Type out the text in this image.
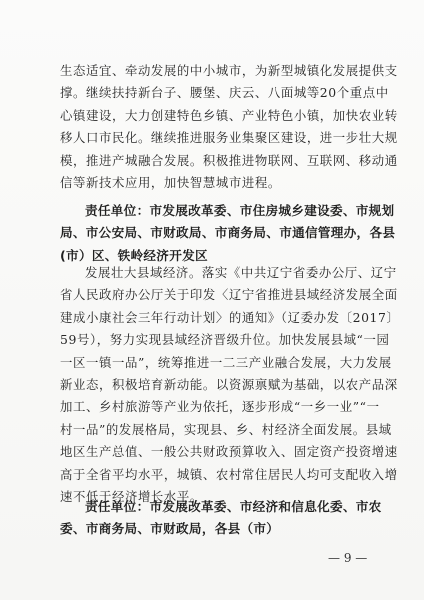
生态适宜、牵动发展的中小城市，为新型城镇化发展提供支
撑。继续扶持新台子、腰堡、庆云、八面城等20个重点中
心镇建设，大力创建特色乡镇、产业特色小镇，加快农业转
移人口市民化。继续推进服务业集聚区建设，进一步壮大规
模，推进产城融合发展。积极推进物联网、互联网、移动通
信等新技术应用，加快智慧城市进程。
责任单位：市发展改革委、市住房城乡建设委、市规划
局、市公安局、市财政局、市商务局、市通信管理办，各县
(市）区、铁岭经济开发区
发展壮大县域经济。落实《中共辽宁省委办公厅、辽宁
省人民政府办公厅关于印发〈辽宁省推进县域经济发展全面
建成小康社会三年行动计划〉的通知》（辽委办发〔2017〕
59号），努力实现县域经济晋级升位。加快发展县域“一园
一区一镇一品”，统筹推进一二三产业融合发展，大力发展
新业态，积极培育新动能。以资源禀赋为基础，以农产品深
加工、乡村旅游等产业为依托，逐步形成“一乡一业”“一
村一品”的发展格局，实现县、乡、村经济全面发展。县域
地区生产总值、一般公共财政预算收入、固定资产投资增速
高于全省平均水平，城镇、农村常住居民人均可支配收入增
速不低于经济增长水平。
责任单位：市发展改革委、市经济和信息化委、市农
委、市商务局、市财政局，各县（市）
— 9 —
